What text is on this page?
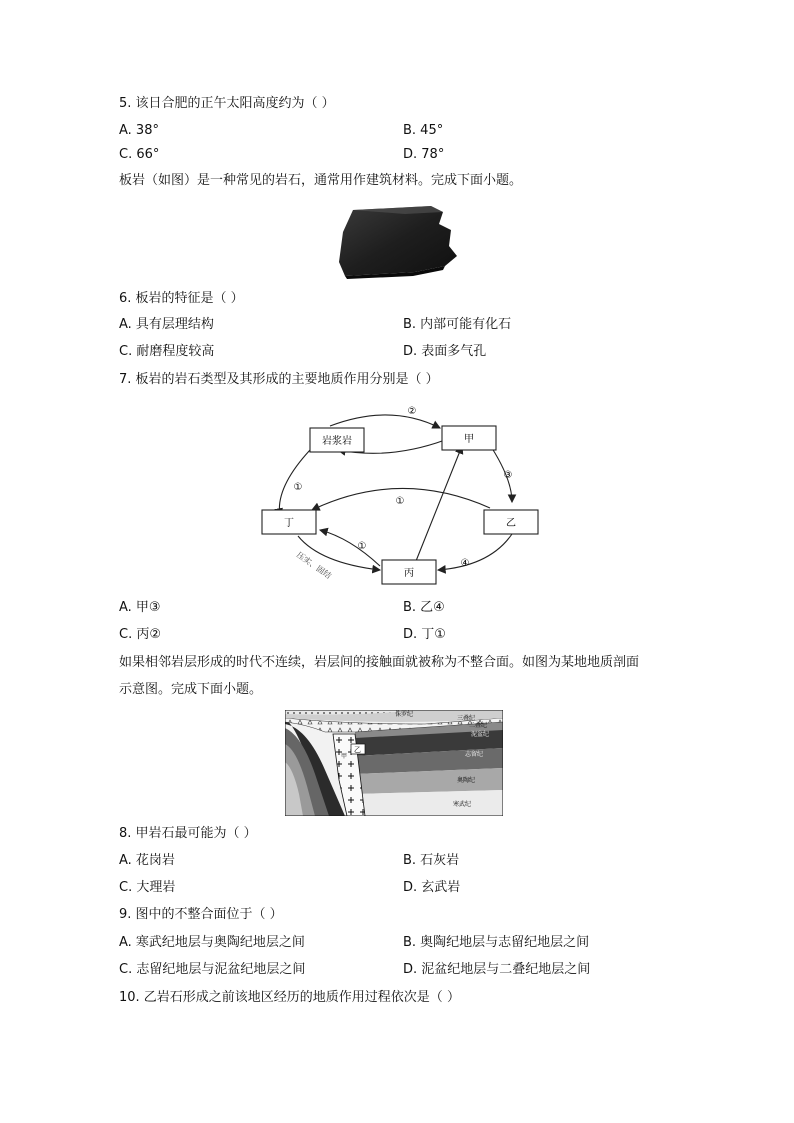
5. 该日合肥的正午太阳高度约为（ ）
A. 38°	B. 45°
C. 66°	D. 78°
板岩（如图）是一种常见的岩石，通常用作建筑材料。完成下面小题。
6. 板岩的特征是（ ）
A. 具有层理结构	B. 内部可能有化石
C. 耐磨程度较高	D. 表面多气孔
7. 板岩的岩石类型及其形成的主要地质作用分别是（ ）
岩浆岩	甲
丁	乙
丙
②
①
①
③
①
④
压实、固结
A. 甲③	B. 乙④
C. 丙②	D. 丁①
如果相邻岩层形成的时代不连续，岩层间的接触面就被称为不整合面。如图为某地地质剖面
示意图。完成下面小题。
侏罗纪
三叠纪
二叠纪
泥盆纪
志留纪
奥陶纪
寒武纪
乙
甲
8. 甲岩石最可能为（ ）
A. 花岗岩	B. 石灰岩
C. 大理岩	D. 玄武岩
9. 图中的不整合面位于（ ）
A. 寒武纪地层与奥陶纪地层之间	B. 奥陶纪地层与志留纪地层之间
C. 志留纪地层与泥盆纪地层之间	D. 泥盆纪地层与二叠纪地层之间
10. 乙岩石形成之前该地区经历的地质作用过程依次是（ ）
